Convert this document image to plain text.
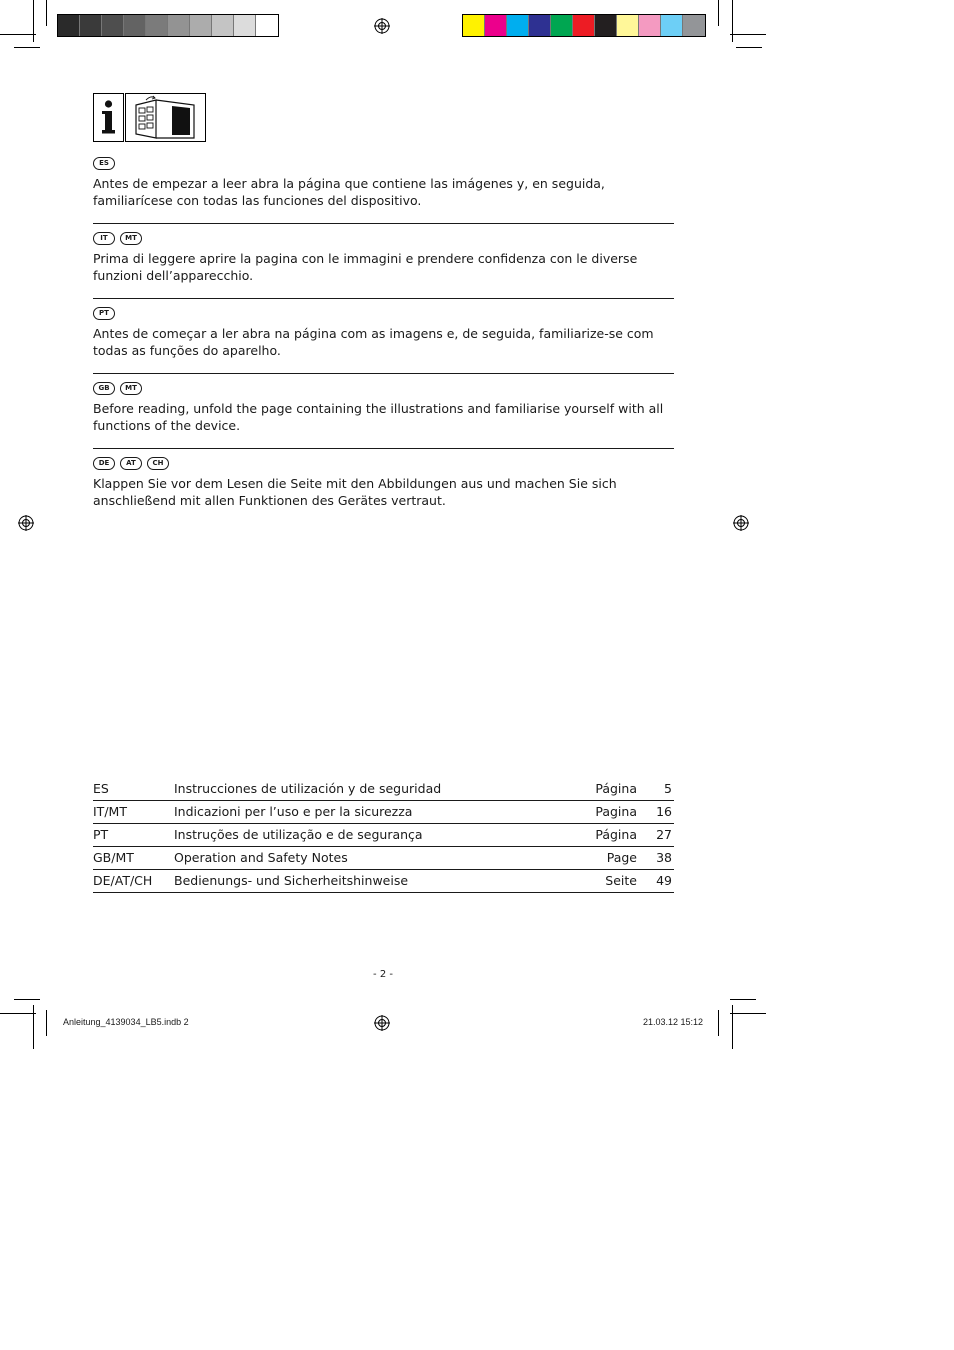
ES

Antes de empezar a leer abra la página que contiene las imágenes y, en seguida, familiarícese con todas las funciones del dispositivo.

IT	MT

Prima di leggere aprire la pagina con le immagini e prendere confidenza con le diverse funzioni dell’apparecchio.

PT

Antes de começar a ler abra na página com as imagens e, de seguida, familiarize-se com todas as funções do aparelho.

GB	MT

Before reading, unfold the page containing the illustrations and familiarise yourself with all functions of the device.

DE	AT	CH

Klappen Sie vor dem Lesen die Seite mit den Abbildungen aus und machen Sie sich anschließend mit allen Funktionen des Gerätes vertraut.

ES	Instrucciones de utilización y de seguridad	Página 5
IT/MT	Indicazioni per l’uso e per la sicurezza	Pagina 16
PT	Instruções de utilização e de segurança	Página 27
GB/MT	Operation and Safety Notes	Page 38
DE/AT/CH Bedienungs- und Sicherheitshinweise	Seite 49
- 2 -
Anleitung_4139034_LB5.indb 2	21.03.12 15:12
